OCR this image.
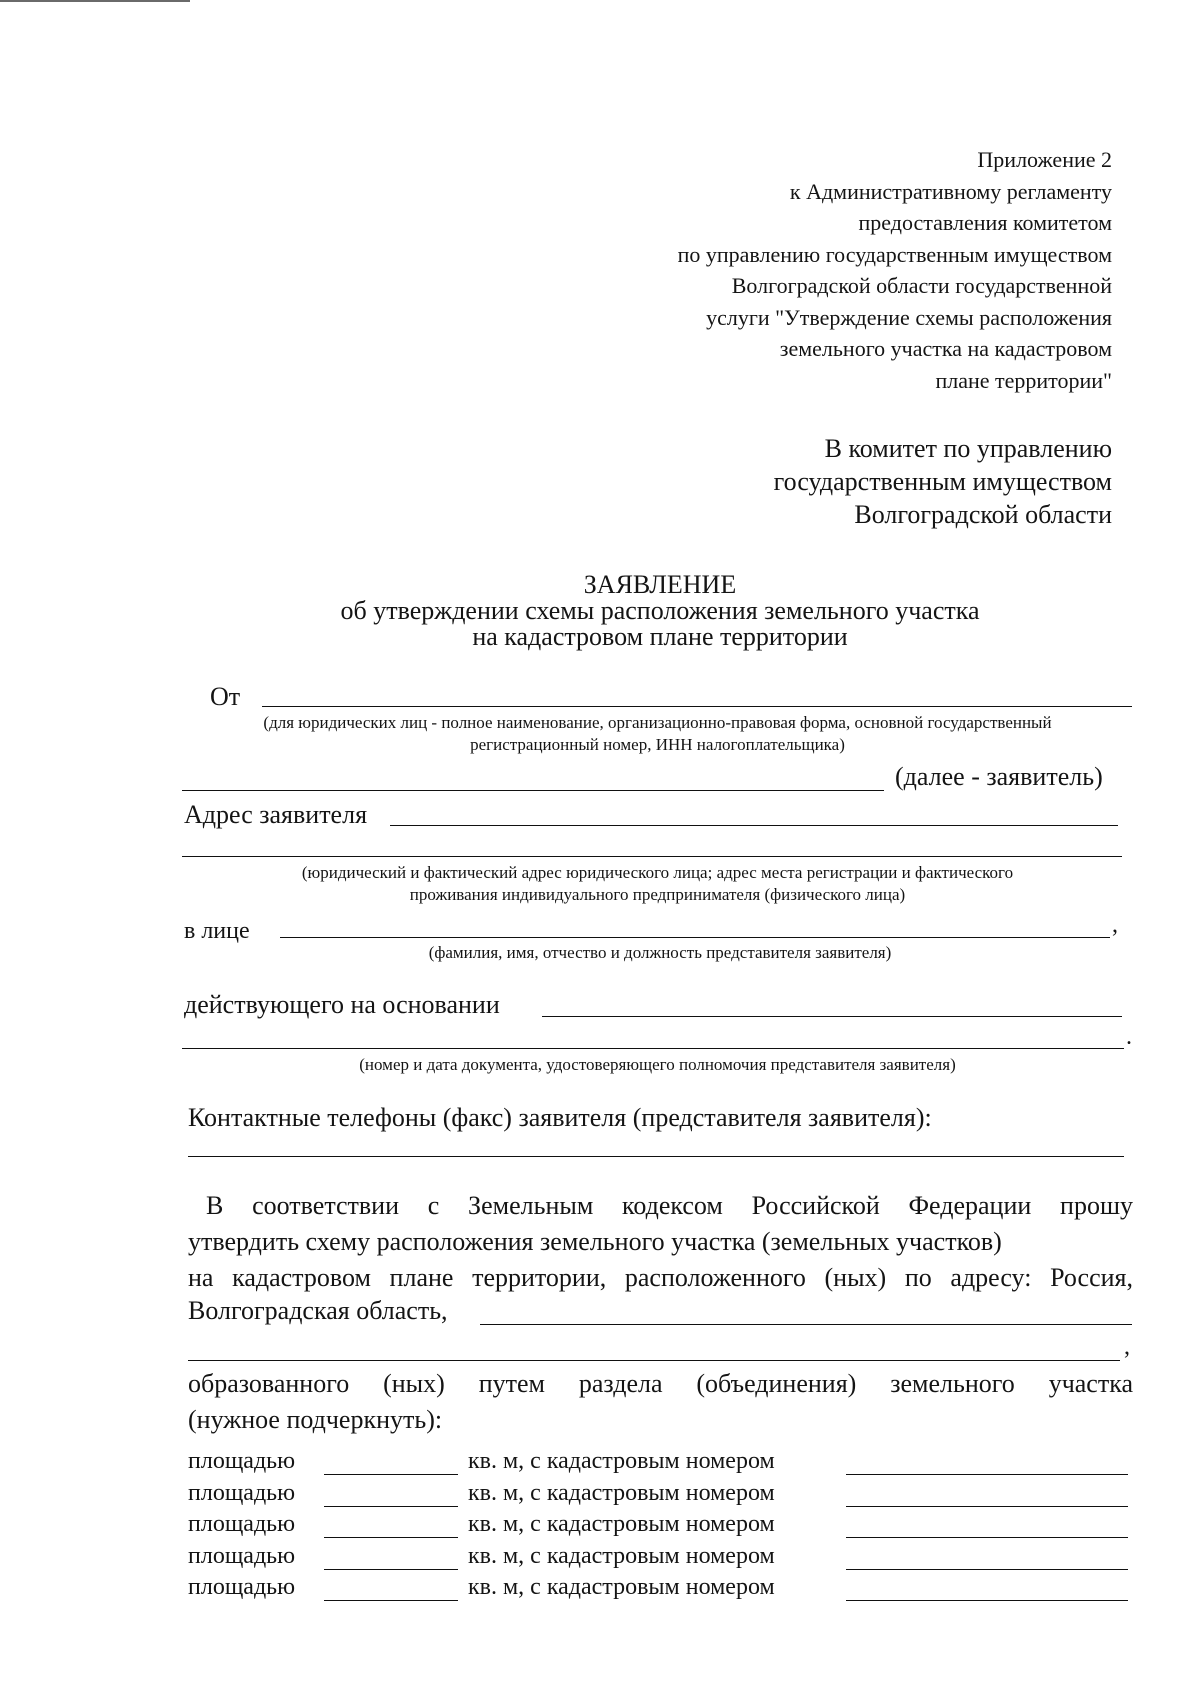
Приложение 2
к Административному регламенту
предоставления комитетом
по управлению государственным имуществом
Волгоградской области государственной
услуги "Утверждение схемы расположения
земельного участка на кадастровом
плане территории"
В комитет по управлению
государственным имуществом
Волгоградской области
ЗАЯВЛЕНИЕ
об утверждении схемы расположения земельного участка
на кадастровом плане территории
От
(для юридических лиц - полное наименование, организационно-правовая форма, основной государственный
регистрационный номер, ИНН налогоплательщика)
(далее - заявитель)
Адрес заявителя
(юридический и фактический адрес юридического лица; адрес места регистрации и фактического
проживания индивидуального предпринимателя (физического лица)
в лице	,
(фамилия, имя, отчество и должность представителя заявителя)
действующего на основании
.
(номер и дата документа, удостоверяющего полномочия представителя заявителя)
Контактные телефоны (факс) заявителя (представителя заявителя):
В соответствии с Земельным кодексом Российской Федерации прошу
утвердить схему расположения земельного участка (земельных участков)
на кадастровом плане территории, расположенного (ных) по адресу: Россия,
Волгоградская область,
,
образованного (ных) путем раздела (объединения) земельного участка
(нужное подчеркнуть):
площадью	кв. м, с кадастровым номером
площадью	кв. м, с кадастровым номером
площадью	кв. м, с кадастровым номером
площадью	кв. м, с кадастровым номером
площадью	кв. м, с кадастровым номером
